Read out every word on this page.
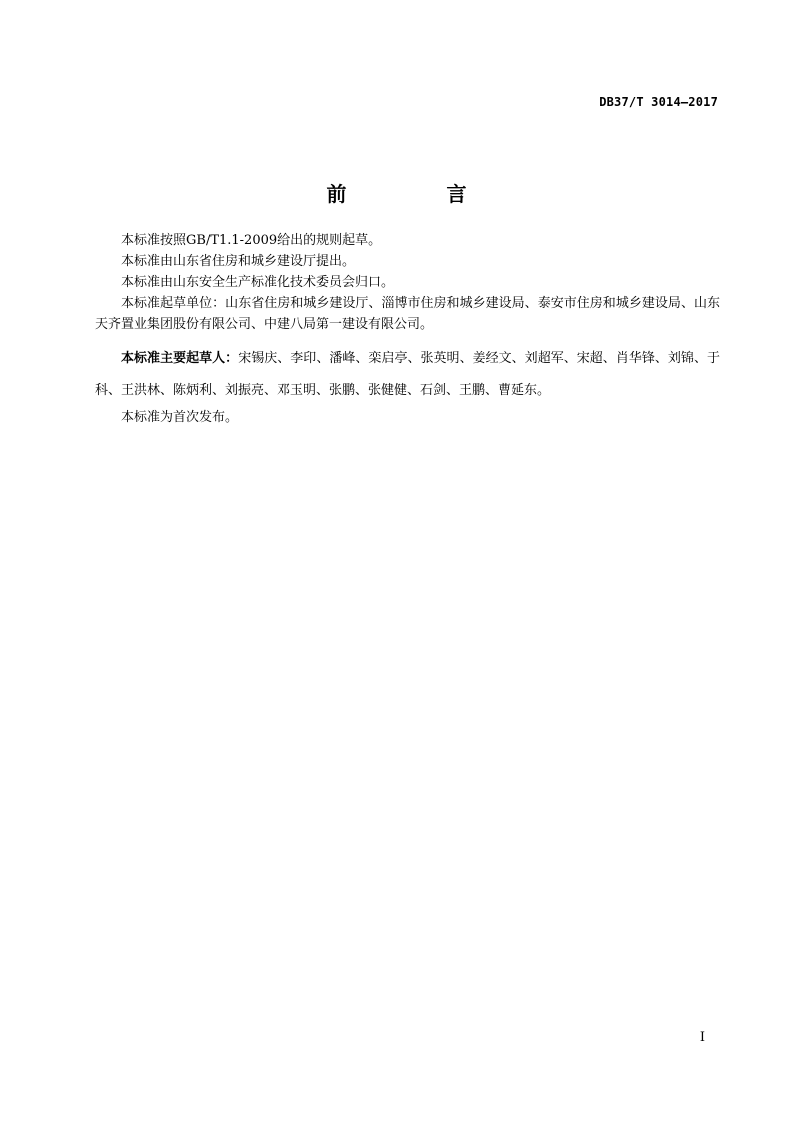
DB37/T 3014—2017
前　言

本标准按照GB/T1.1-2009给出的规则起草。

本标准由山东省住房和城乡建设厅提出。

本标准由山东安全生产标准化技术委员会归口。

本标准起草单位：山东省住房和城乡建设厅、淄博市住房和城乡建设局、泰安市住房和城乡建设局、山东天齐置业集团股份有限公司、中建八局第一建设有限公司。

本标准主要起草人：宋锡庆、李印、潘峰、栾启亭、张英明、姜经文、刘超军、宋超、肖华锋、刘锦、于科、王洪林、陈炳利、刘振亮、邓玉明、张鹏、张健健、石剑、王鹏、曹延东。

本标准为首次发布。

I
